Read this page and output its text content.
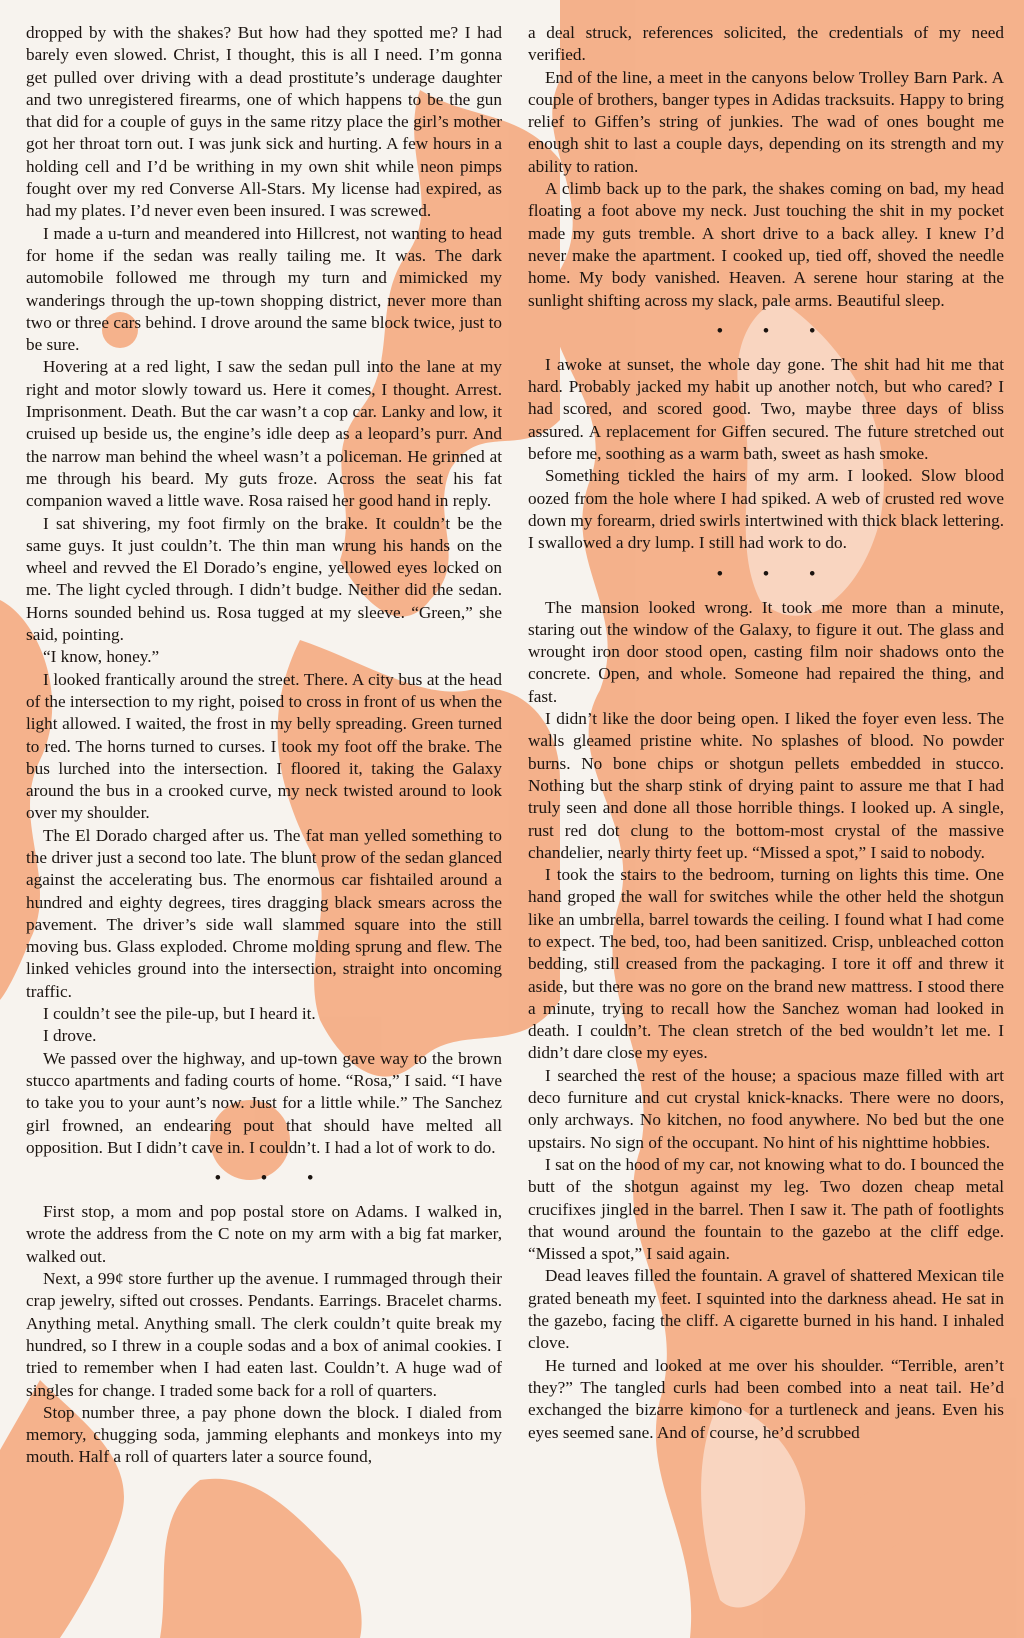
dropped by with the shakes? But how had they spotted me? I had barely even slowed. Christ, I thought, this is all I need. I’m gonna get pulled over driving with a dead prostitute’s underage daughter and two unregistered firearms, one of which happens to be the gun that did for a couple of guys in the same ritzy place the girl’s mother got her throat torn out. I was junk sick and hurting. A few hours in a holding cell and I’d be writhing in my own shit while neon pimps fought over my red Converse All-Stars. My license had expired, as had my plates. I’d never even been insured. I was screwed.

I made a u-turn and meandered into Hillcrest, not wanting to head for home if the sedan was really tailing me. It was. The dark automobile followed me through my turn and mimicked my wanderings through the up-town shopping district, never more than two or three cars behind. I drove around the same block twice, just to be sure.

Hovering at a red light, I saw the sedan pull into the lane at my right and motor slowly toward us. Here it comes, I thought. Arrest. Imprisonment. Death. But the car wasn’t a cop car. Lanky and low, it cruised up beside us, the engine’s idle deep as a leopard’s purr. And the narrow man behind the wheel wasn’t a policeman. He grinned at me through his beard. My guts froze. Across the seat his fat companion waved a little wave. Rosa raised her good hand in reply.

I sat shivering, my foot firmly on the brake. It couldn’t be the same guys. It just couldn’t. The thin man wrung his hands on the wheel and revved the El Dorado’s engine, yellowed eyes locked on me. The light cycled through. I didn’t budge. Neither did the sedan. Horns sounded behind us. Rosa tugged at my sleeve. “Green,” she said, pointing.

“I know, honey.”

I looked frantically around the street. There. A city bus at the head of the intersection to my right, poised to cross in front of us when the light allowed. I waited, the frost in my belly spreading. Green turned to red. The horns turned to curses. I took my foot off the brake. The bus lurched into the intersection. I floored it, taking the Galaxy around the bus in a crooked curve, my neck twisted around to look over my shoulder.

The El Dorado charged after us. The fat man yelled something to the driver just a second too late. The blunt prow of the sedan glanced against the accelerating bus. The enormous car fishtailed around a hundred and eighty degrees, tires dragging black smears across the pavement. The driver’s side wall slammed square into the still moving bus. Glass exploded. Chrome molding sprung and flew. The linked vehicles ground into the intersection, straight into oncoming traffic.

I couldn’t see the pile-up, but I heard it.

I drove.

We passed over the highway, and up-town gave way to the brown stucco apartments and fading courts of home. “Rosa,” I said. “I have to take you to your aunt’s now. Just for a little while.” The Sanchez girl frowned, an endearing pout that should have melted all opposition. But I didn’t cave in. I couldn’t. I had a lot of work to do.

• • •

First stop, a mom and pop postal store on Adams. I walked in, wrote the address from the C note on my arm with a big fat marker, walked out.

Next, a 99¢ store further up the avenue. I rummaged through their crap jewelry, sifted out crosses. Pendants. Earrings. Bracelet charms. Anything metal. Anything small. The clerk couldn’t quite break my hundred, so I threw in a couple sodas and a box of animal cookies. I tried to remember when I had eaten last. Couldn’t. A huge wad of singles for change. I traded some back for a roll of quarters.

Stop number three, a pay phone down the block. I dialed from memory, chugging soda, jamming elephants and monkeys into my mouth. Half a roll of quarters later a source found,

a deal struck, references solicited, the credentials of my need verified.

End of the line, a meet in the canyons below Trolley Barn Park. A couple of brothers, banger types in Adidas tracksuits. Happy to bring relief to Giffen’s string of junkies. The wad of ones bought me enough shit to last a couple days, depending on its strength and my ability to ration.

A climb back up to the park, the shakes coming on bad, my head floating a foot above my neck. Just touching the shit in my pocket made my guts tremble. A short drive to a back alley. I knew I’d never make the apartment. I cooked up, tied off, shoved the needle home. My body vanished. Heaven. A serene hour staring at the sunlight shifting across my slack, pale arms. Beautiful sleep.

• • •

I awoke at sunset, the whole day gone. The shit had hit me that hard. Probably jacked my habit up another notch, but who cared? I had scored, and scored good. Two, maybe three days of bliss assured. A replacement for Giffen secured. The future stretched out before me, soothing as a warm bath, sweet as hash smoke.

Something tickled the hairs of my arm. I looked. Slow blood oozed from the hole where I had spiked. A web of crusted red wove down my forearm, dried swirls intertwined with thick black lettering. I swallowed a dry lump. I still had work to do.

• • •

The mansion looked wrong. It took me more than a minute, staring out the window of the Galaxy, to figure it out. The glass and wrought iron door stood open, casting film noir shadows onto the concrete. Open, and whole. Someone had repaired the thing, and fast.

I didn’t like the door being open. I liked the foyer even less. The walls gleamed pristine white. No splashes of blood. No powder burns. No bone chips or shotgun pellets embedded in stucco. Nothing but the sharp stink of drying paint to assure me that I had truly seen and done all those horrible things. I looked up. A single, rust red dot clung to the bottom-most crystal of the massive chandelier, nearly thirty feet up. “Missed a spot,” I said to nobody.

I took the stairs to the bedroom, turning on lights this time. One hand groped the wall for switches while the other held the shotgun like an umbrella, barrel towards the ceiling. I found what I had come to expect. The bed, too, had been sanitized. Crisp, unbleached cotton bedding, still creased from the packaging. I tore it off and threw it aside, but there was no gore on the brand new mattress. I stood there a minute, trying to recall how the Sanchez woman had looked in death. I couldn’t. The clean stretch of the bed wouldn’t let me. I didn’t dare close my eyes.

I searched the rest of the house; a spacious maze filled with art deco furniture and cut crystal knick-knacks. There were no doors, only archways. No kitchen, no food anywhere. No bed but the one upstairs. No sign of the occupant. No hint of his nighttime hobbies.

I sat on the hood of my car, not knowing what to do. I bounced the butt of the shotgun against my leg. Two dozen cheap metal crucifixes jingled in the barrel. Then I saw it. The path of footlights that wound around the fountain to the gazebo at the cliff edge. “Missed a spot,” I said again.

Dead leaves filled the fountain. A gravel of shattered Mexican tile grated beneath my feet. I squinted into the darkness ahead. He sat in the gazebo, facing the cliff. A cigarette burned in his hand. I inhaled clove.

He turned and looked at me over his shoulder. “Terrible, aren’t they?” The tangled curls had been combed into a neat tail. He’d exchanged the bizarre kimono for a turtleneck and jeans. Even his eyes seemed sane. And of course, he’d scrubbed
